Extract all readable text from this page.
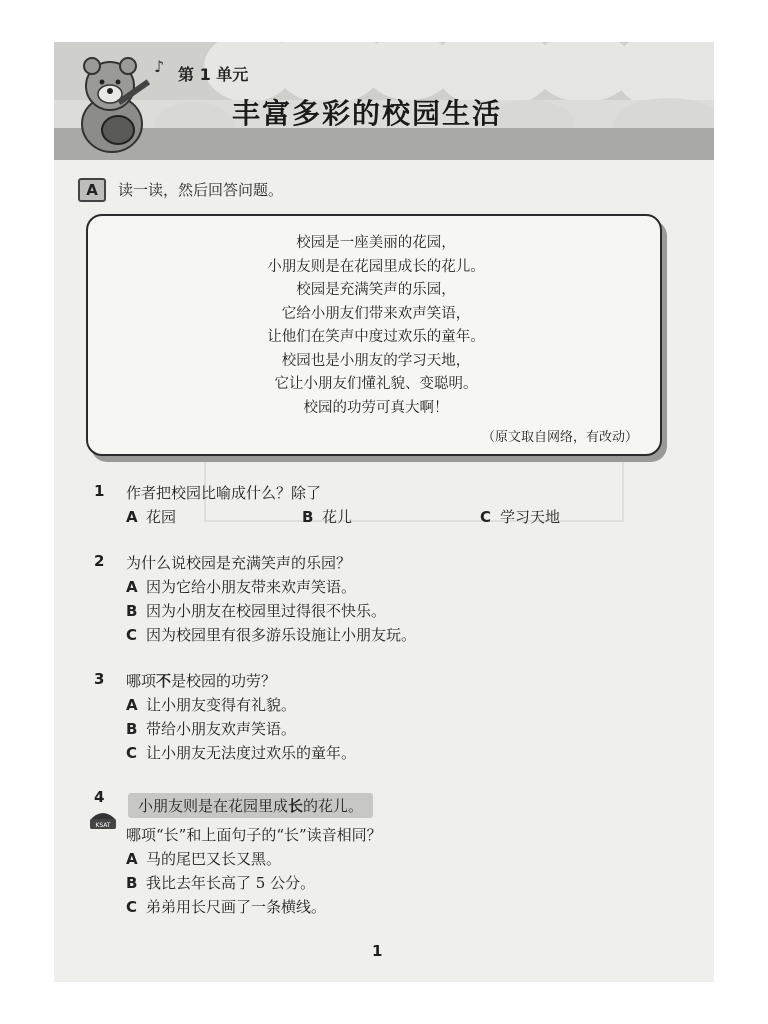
♪ 第 1 单元
丰富多彩的校园生活
A	读一读，然后回答问题。
校园是一座美丽的花园，
小朋友则是在花园里成长的花儿。
校园是充满笑声的乐园，
它给小朋友们带来欢声笑语，
让他们在笑声中度过欢乐的童年。
校园也是小朋友的学习天地，
它让小朋友们懂礼貌、变聪明。
校园的功劳可真大啊！
（原文取自网络，有改动）
1 作者把校园比喻成什么？除了
A 花园	B 花儿	C 学习天地
2 为什么说校园是充满笑声的乐园？
A 因为它给小朋友带来欢声笑语。
B 因为小朋友在校园里过得很不快乐。
C 因为校园里有很多游乐设施让小朋友玩。
3 哪项不是校园的功劳？
A 让小朋友变得有礼貌。
B 带给小朋友欢声笑语。
C 让小朋友无法度过欢乐的童年。
4
KSAT
小朋友则是在花园里成长的花儿。
哪项“长”和上面句子的“长”读音相同？
A 马的尾巴又长又黑。
B 我比去年长高了 5 公分。
C 弟弟用长尺画了一条横线。
1
